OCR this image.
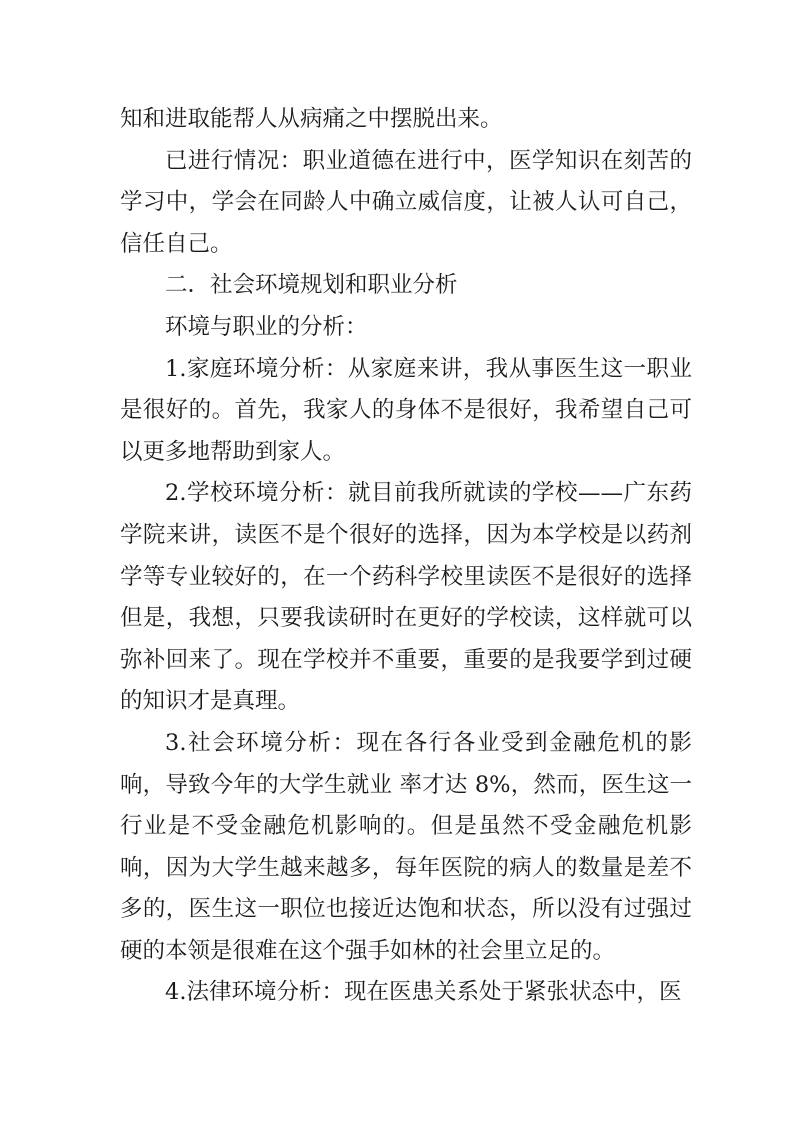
知和进取能帮人从病痛之中摆脱出来。

已进行情况：职业道德在进行中，医学知识在刻苦的学习中，学会在同龄人中确立威信度，让被人认可自己，信任自己。

二．社会环境规划和职业分析

环境与职业的分析：

1.家庭环境分析：从家庭来讲，我从事医生这一职业是很好的。首先，我家人的身体不是很好，我希望自己可以更多地帮助到家人。

2.学校环境分析：就目前我所就读的学校——广东药学院来讲，读医不是个很好的选择，因为本学校是以药剂学等专业较好的，在一个药科学校里读医不是很好的选择但是，我想，只要我读研时在更好的学校读，这样就可以弥补回来了。现在学校并不重要，重要的是我要学到过硬的知识才是真理。

3.社会环境分析：现在各行各业受到金融危机的影响，导致今年的大学生就业 率才达 8%，然而，医生这一行业是不受金融危机影响的。但是虽然不受金融危机影响，因为大学生越来越多，每年医院的病人的数量是差不多的，医生这一职位也接近达饱和状态，所以没有过强过硬的本领是很难在这个强手如林的社会里立足的。

4.法律环境分析：现在医患关系处于紧张状态中，医
